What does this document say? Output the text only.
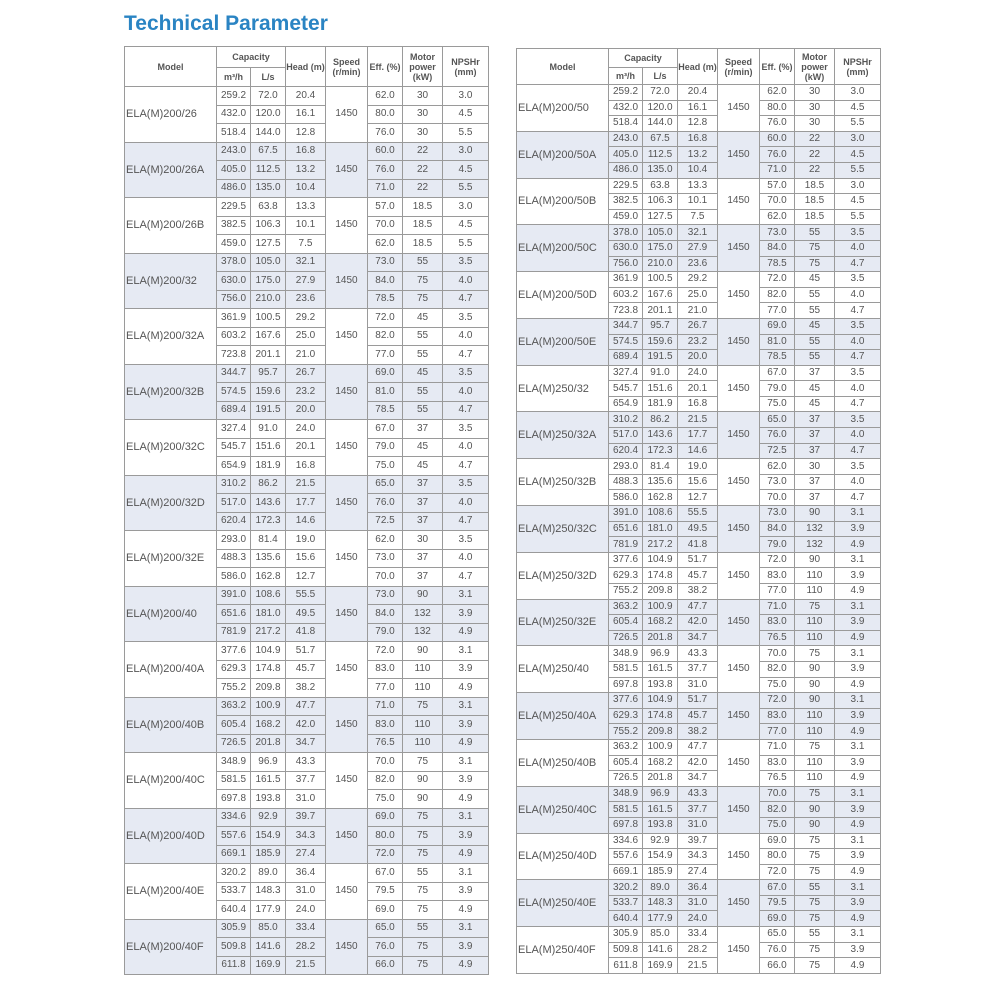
Technical Parameter
Model	Capacity		Head (m)	Speed (r/min)	Eff. (%)	Motor power (kW)	NPSHr (mm)
	m³/h	L/s					
ELA(M)200/26	259.2	72.0	20.4	1450	62.0	30	3.0
	432.0	120.0	16.1		80.0	30	4.5
	518.4	144.0	12.8		76.0	30	5.5
ELA(M)200/26A	243.0	67.5	16.8	1450	60.0	22	3.0
	405.0	112.5	13.2		76.0	22	4.5
	486.0	135.0	10.4		71.0	22	5.5
ELA(M)200/26B	229.5	63.8	13.3	1450	57.0	18.5	3.0
	382.5	106.3	10.1		70.0	18.5	4.5
	459.0	127.5	7.5		62.0	18.5	5.5
ELA(M)200/32	378.0	105.0	32.1	1450	73.0	55	3.5
	630.0	175.0	27.9		84.0	75	4.0
	756.0	210.0	23.6		78.5	75	4.7
ELA(M)200/32A	361.9	100.5	29.2	1450	72.0	45	3.5
	603.2	167.6	25.0		82.0	55	4.0
	723.8	201.1	21.0		77.0	55	4.7
ELA(M)200/32B	344.7	95.7	26.7	1450	69.0	45	3.5
	574.5	159.6	23.2		81.0	55	4.0
	689.4	191.5	20.0		78.5	55	4.7
ELA(M)200/32C	327.4	91.0	24.0	1450	67.0	37	3.5
	545.7	151.6	20.1		79.0	45	4.0
	654.9	181.9	16.8		75.0	45	4.7
ELA(M)200/32D	310.2	86.2	21.5	1450	65.0	37	3.5
	517.0	143.6	17.7		76.0	37	4.0
	620.4	172.3	14.6		72.5	37	4.7
ELA(M)200/32E	293.0	81.4	19.0	1450	62.0	30	3.5
	488.3	135.6	15.6		73.0	37	4.0
	586.0	162.8	12.7		70.0	37	4.7
ELA(M)200/40	391.0	108.6	55.5	1450	73.0	90	3.1
	651.6	181.0	49.5		84.0	132	3.9
	781.9	217.2	41.8		79.0	132	4.9
ELA(M)200/40A	377.6	104.9	51.7	1450	72.0	90	3.1
	629.3	174.8	45.7		83.0	110	3.9
	755.2	209.8	38.2		77.0	110	4.9
ELA(M)200/40B	363.2	100.9	47.7	1450	71.0	75	3.1
	605.4	168.2	42.0		83.0	110	3.9
	726.5	201.8	34.7		76.5	110	4.9
ELA(M)200/40C	348.9	96.9	43.3	1450	70.0	75	3.1
	581.5	161.5	37.7		82.0	90	3.9
	697.8	193.8	31.0		75.0	90	4.9
ELA(M)200/40D	334.6	92.9	39.7	1450	69.0	75	3.1
	557.6	154.9	34.3		80.0	75	3.9
	669.1	185.9	27.4		72.0	75	4.9
ELA(M)200/40E	320.2	89.0	36.4	1450	67.0	55	3.1
	533.7	148.3	31.0		79.5	75	3.9
	640.4	177.9	24.0		69.0	75	4.9
ELA(M)200/40F	305.9	85.0	33.4	1450	65.0	55	3.1
	509.8	141.6	28.2		76.0	75	3.9
	611.8	169.9	21.5		66.0	75	4.9
Model	Capacity		Head (m)	Speed (r/min)	Eff. (%)	Motor power (kW)	NPSHr (mm)
	m³/h	L/s					
ELA(M)200/50	259.2	72.0	20.4	1450	62.0	30	3.0
	432.0	120.0	16.1		80.0	30	4.5
	518.4	144.0	12.8		76.0	30	5.5
ELA(M)200/50A	243.0	67.5	16.8	1450	60.0	22	3.0
	405.0	112.5	13.2		76.0	22	4.5
	486.0	135.0	10.4		71.0	22	5.5
ELA(M)200/50B	229.5	63.8	13.3	1450	57.0	18.5	3.0
	382.5	106.3	10.1		70.0	18.5	4.5
	459.0	127.5	7.5		62.0	18.5	5.5
ELA(M)200/50C	378.0	105.0	32.1	1450	73.0	55	3.5
	630.0	175.0	27.9		84.0	75	4.0
	756.0	210.0	23.6		78.5	75	4.7
ELA(M)200/50D	361.9	100.5	29.2	1450	72.0	45	3.5
	603.2	167.6	25.0		82.0	55	4.0
	723.8	201.1	21.0		77.0	55	4.7
ELA(M)200/50E	344.7	95.7	26.7	1450	69.0	45	3.5
	574.5	159.6	23.2		81.0	55	4.0
	689.4	191.5	20.0		78.5	55	4.7
ELA(M)250/32	327.4	91.0	24.0	1450	67.0	37	3.5
	545.7	151.6	20.1		79.0	45	4.0
	654.9	181.9	16.8		75.0	45	4.7
ELA(M)250/32A	310.2	86.2	21.5	1450	65.0	37	3.5
	517.0	143.6	17.7		76.0	37	4.0
	620.4	172.3	14.6		72.5	37	4.7
ELA(M)250/32B	293.0	81.4	19.0	1450	62.0	30	3.5
	488.3	135.6	15.6		73.0	37	4.0
	586.0	162.8	12.7		70.0	37	4.7
ELA(M)250/32C	391.0	108.6	55.5	1450	73.0	90	3.1
	651.6	181.0	49.5		84.0	132	3.9
	781.9	217.2	41.8		79.0	132	4.9
ELA(M)250/32D	377.6	104.9	51.7	1450	72.0	90	3.1
	629.3	174.8	45.7		83.0	110	3.9
	755.2	209.8	38.2		77.0	110	4.9
ELA(M)250/32E	363.2	100.9	47.7	1450	71.0	75	3.1
	605.4	168.2	42.0		83.0	110	3.9
	726.5	201.8	34.7		76.5	110	4.9
ELA(M)250/40	348.9	96.9	43.3	1450	70.0	75	3.1
	581.5	161.5	37.7		82.0	90	3.9
	697.8	193.8	31.0		75.0	90	4.9
ELA(M)250/40A	377.6	104.9	51.7	1450	72.0	90	3.1
	629.3	174.8	45.7		83.0	110	3.9
	755.2	209.8	38.2		77.0	110	4.9
ELA(M)250/40B	363.2	100.9	47.7	1450	71.0	75	3.1
	605.4	168.2	42.0		83.0	110	3.9
	726.5	201.8	34.7		76.5	110	4.9
ELA(M)250/40C	348.9	96.9	43.3	1450	70.0	75	3.1
	581.5	161.5	37.7		82.0	90	3.9
	697.8	193.8	31.0		75.0	90	4.9
ELA(M)250/40D	334.6	92.9	39.7	1450	69.0	75	3.1
	557.6	154.9	34.3		80.0	75	3.9
	669.1	185.9	27.4		72.0	75	4.9
ELA(M)250/40E	320.2	89.0	36.4	1450	67.0	55	3.1
	533.7	148.3	31.0		79.5	75	3.9
	640.4	177.9	24.0		69.0	75	4.9
ELA(M)250/40F	305.9	85.0	33.4	1450	65.0	55	3.1
	509.8	141.6	28.2		76.0	75	3.9
	611.8	169.9	21.5		66.0	75	4.9
